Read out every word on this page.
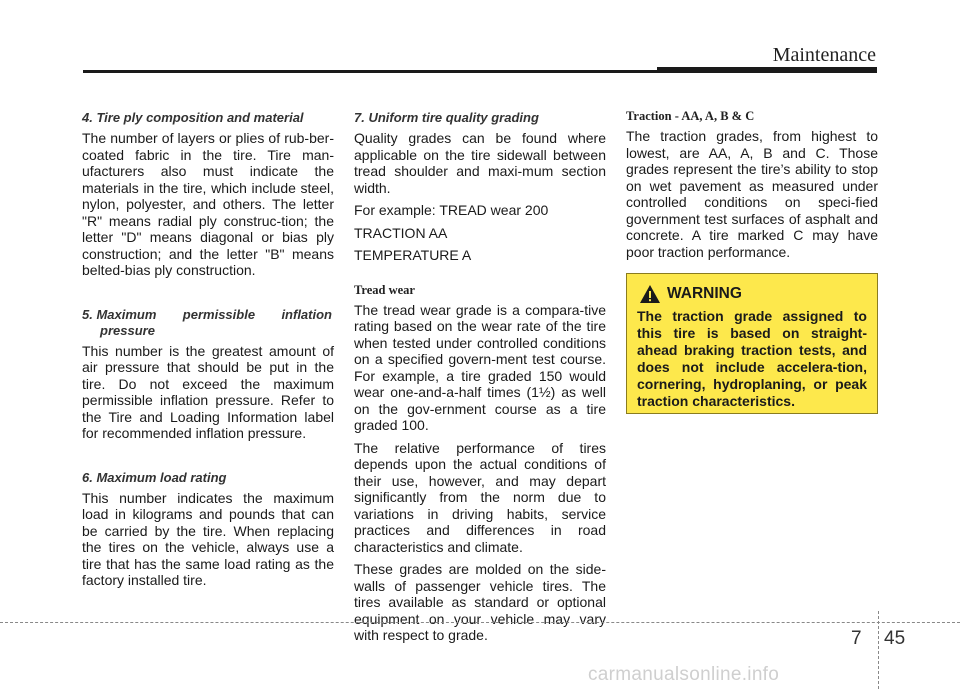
Maintenance
4. Tire ply composition and material

The number of layers or plies of rub-ber-coated fabric in the tire. Tire man-ufacturers also must indicate the materials in the tire, which include steel, nylon, polyester, and others. The letter "R" means radial ply construc-tion; the letter "D" means diagonal or bias ply construction; and the letter "B" means belted-bias ply construction.

5. Maximum permissible inflation
pressure

This number is the greatest amount of air pressure that should be put in the tire. Do not exceed the maximum permissible inflation pressure. Refer to the Tire and Loading Information label for recommended inflation pressure.

6. Maximum load rating

This number indicates the maximum load in kilograms and pounds that can be carried by the tire. When replacing the tires on the vehicle, always use a tire that has the same load rating as the factory installed tire.

7. Uniform tire quality grading

Quality grades can be found where applicable on the tire sidewall between tread shoulder and maxi-mum section width.

For example: TREAD wear 200

TRACTION AA

TEMPERATURE A

Tread wear

The tread wear grade is a compara-tive rating based on the wear rate of the tire when tested under controlled conditions on a specified govern-ment test course. For example, a tire graded 150 would wear one-and-a-half times (1½) as well on the gov-ernment course as a tire graded 100.

The relative performance of tires depends upon the actual conditions of their use, however, and may depart significantly from the norm due to variations in driving habits, service practices and differences in road characteristics and climate.

These grades are molded on the side-walls of passenger vehicle tires. The tires available as standard or optional equipment on your vehicle may vary with respect to grade.

Traction - AA, A, B & C

The traction grades, from highest to lowest, are AA, A, B and C. Those grades represent the tire’s ability to stop on wet pavement as measured under controlled conditions on speci-fied government test surfaces of asphalt and concrete. A tire marked C may have poor traction performance.

WARNING

The traction grade assigned to this tire is based on straight-ahead braking traction tests, and does not include accelera-tion, cornering, hydroplaning, or peak traction characteristics.

7 45
carmanualsonline.info
